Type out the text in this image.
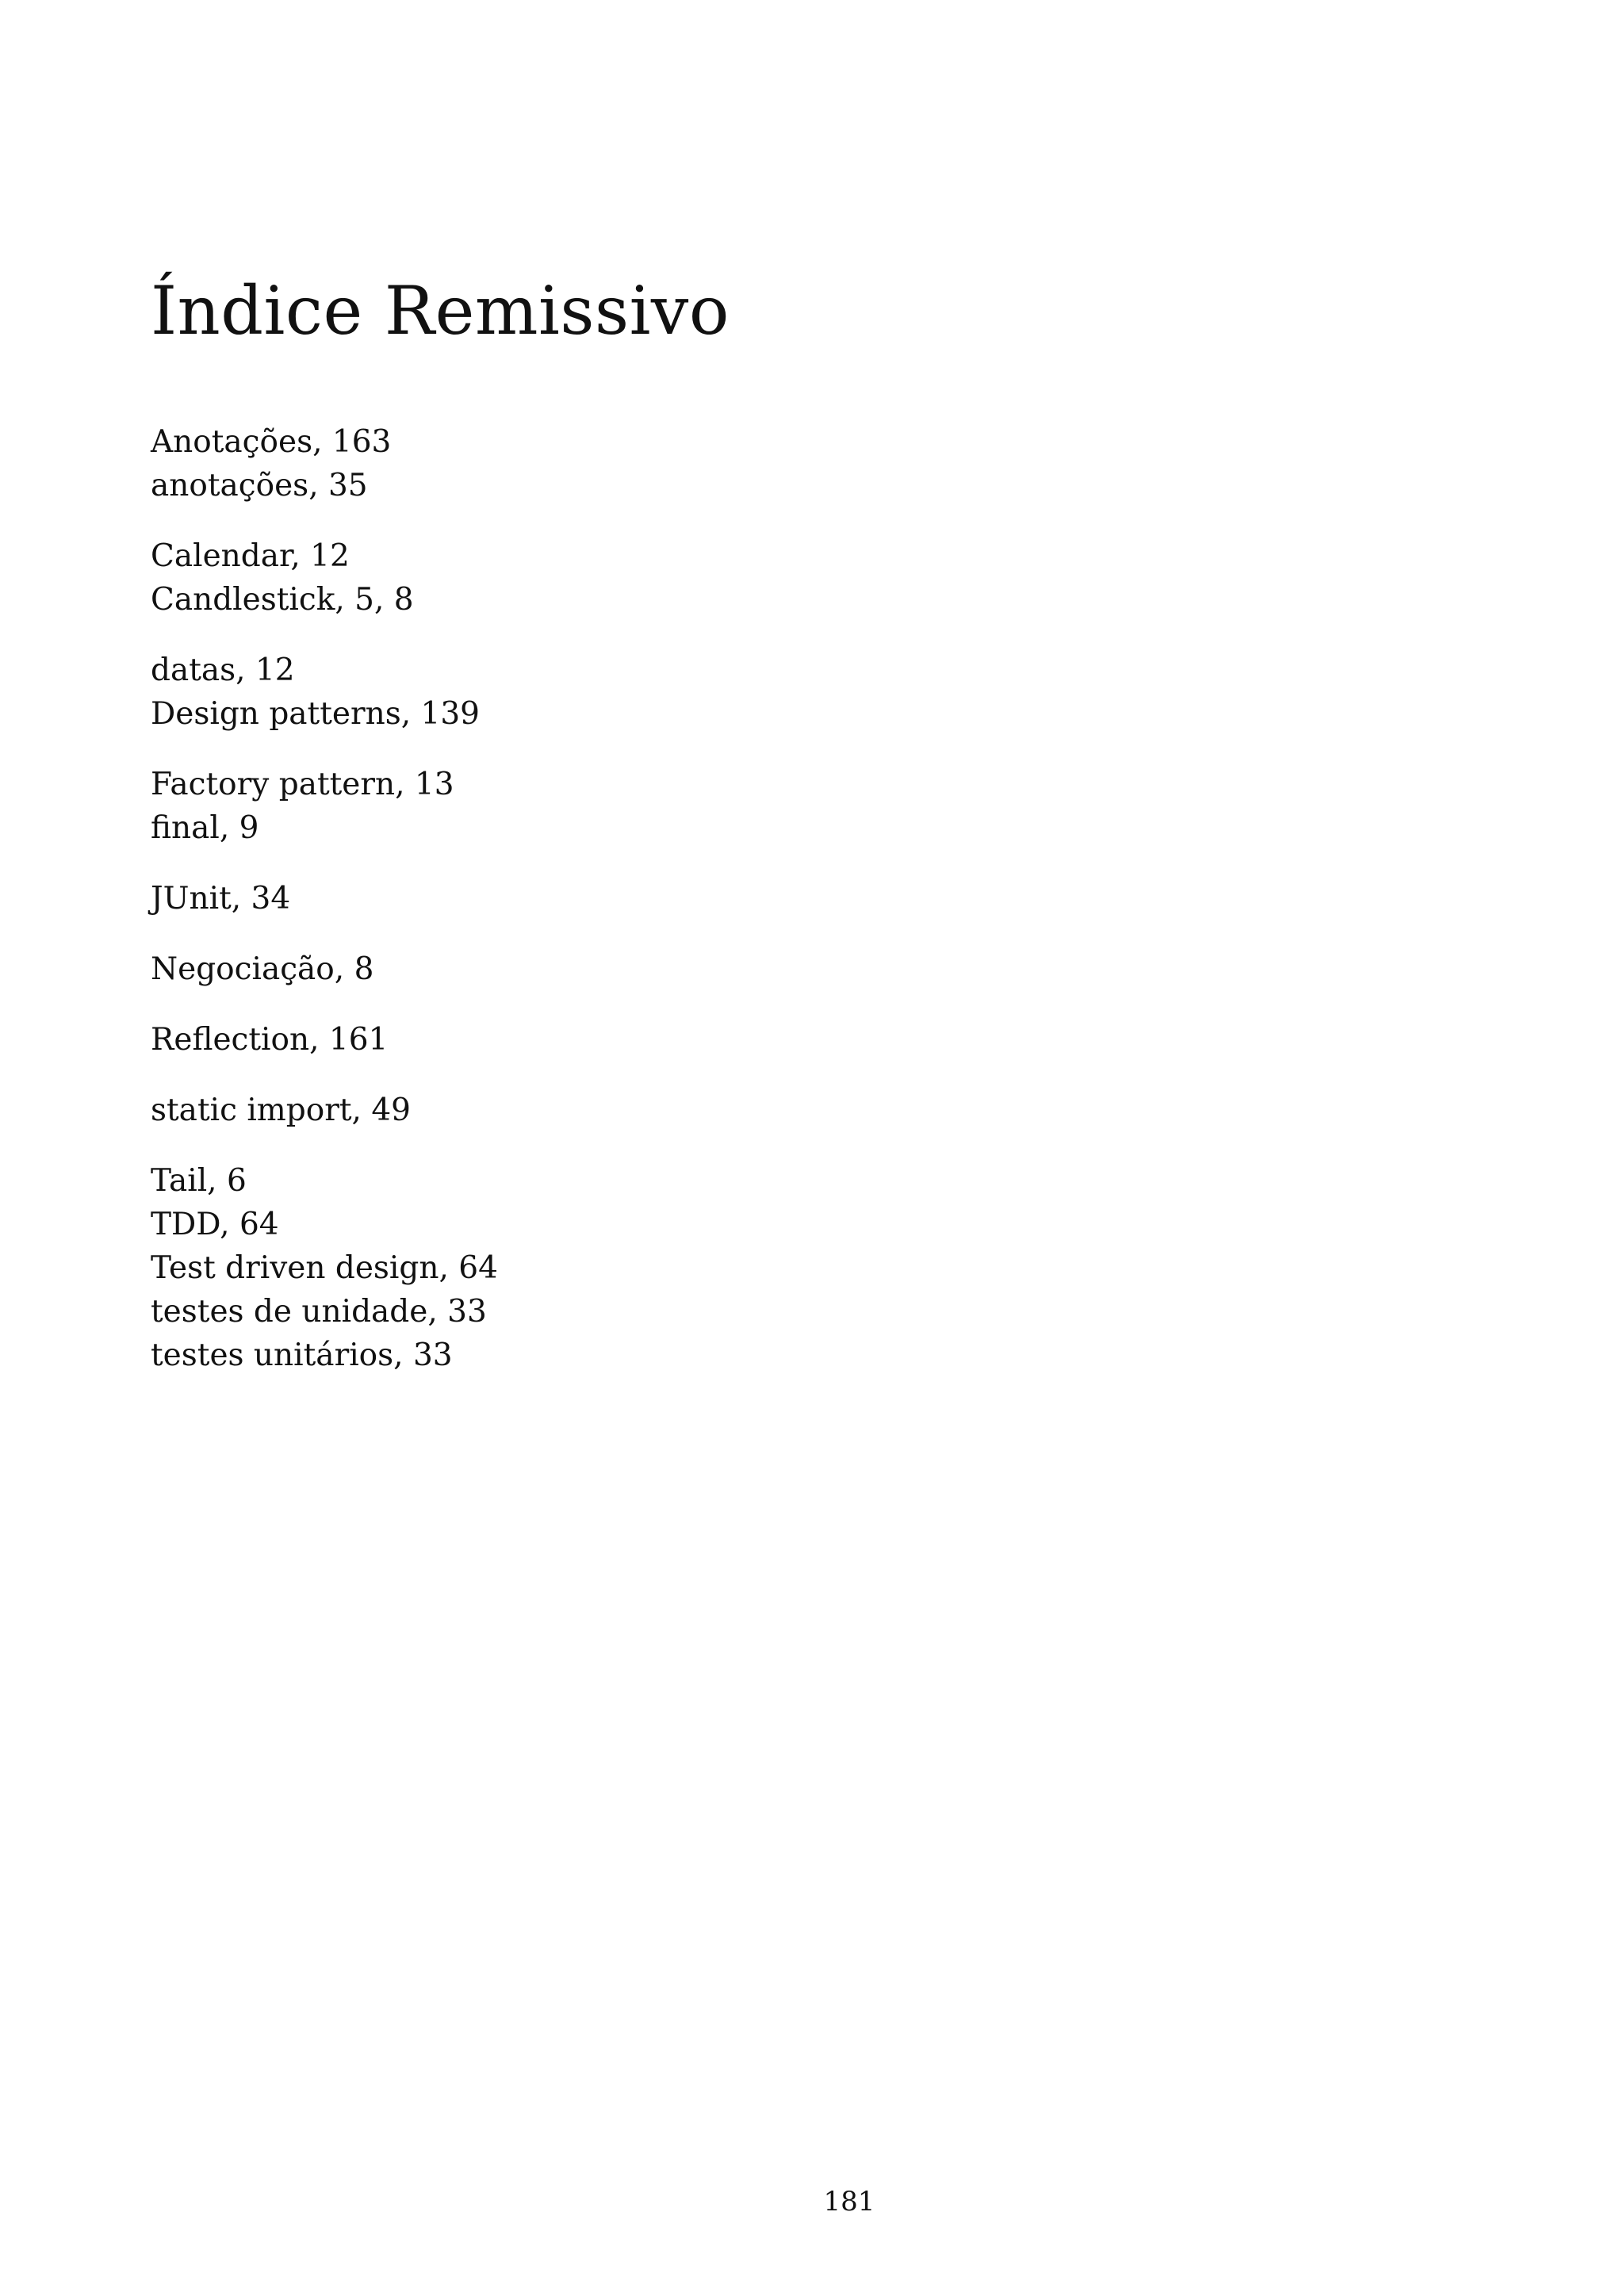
Índice Remissivo
Anotações, 163
anotações, 35
Calendar, 12
Candlestick, 5, 8
datas, 12
Design patterns, 139
Factory pattern, 13
final, 9
JUnit, 34
Negociação, 8
Reflection, 161
static import, 49
Tail, 6
TDD, 64
Test driven design, 64
testes de unidade, 33
testes unitários, 33
181
